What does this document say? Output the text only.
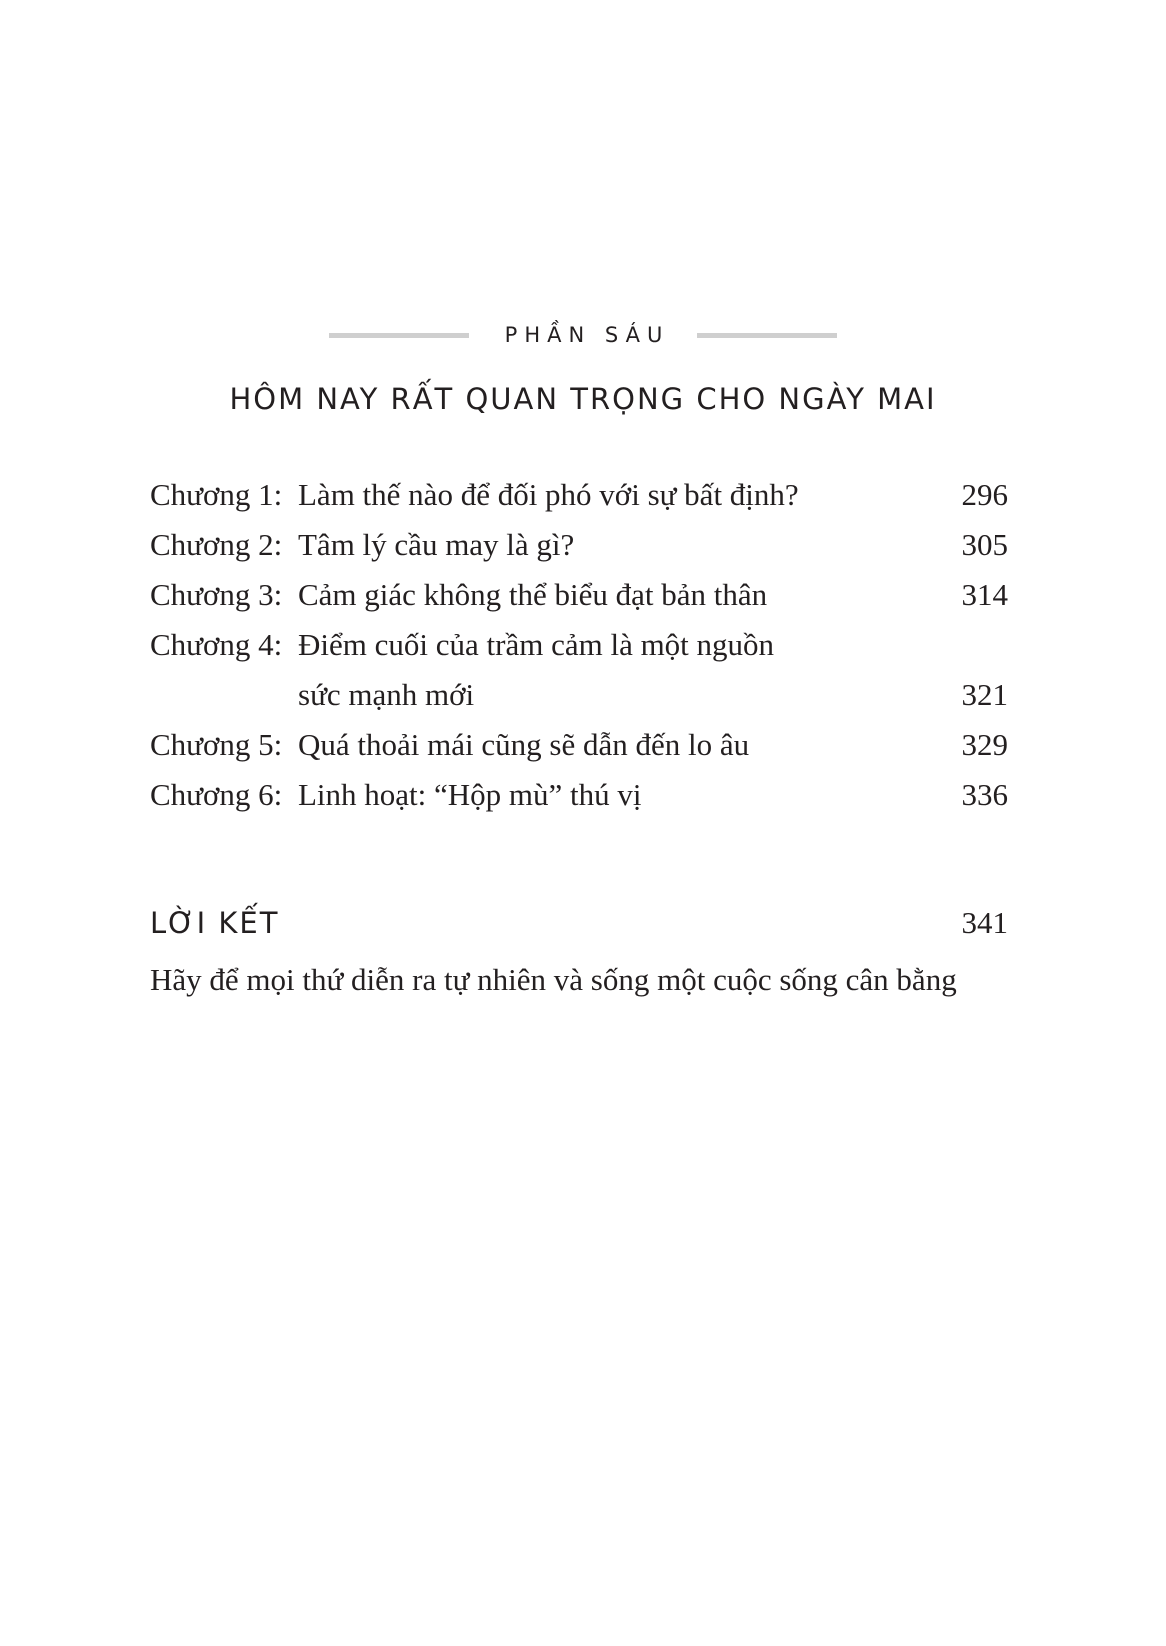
PHẦN SÁU
HÔM NAY RẤT QUAN TRỌNG CHO NGÀY MAI
Chương 1: Làm thế nào để đối phó với sự bất định?	296
Chương 2: Tâm lý cầu may là gì?	305
Chương 3: Cảm giác không thể biểu đạt bản thân	314
Chương 4: Điểm cuối của trầm cảm là một nguồn
sức mạnh mới	321
Chương 5: Quá thoải mái cũng sẽ dẫn đến lo âu	329
Chương 6: Linh hoạt: “Hộp mù” thú vị	336
LỜI KẾT	341
Hãy để mọi thứ diễn ra tự nhiên và sống một cuộc sống cân bằng
